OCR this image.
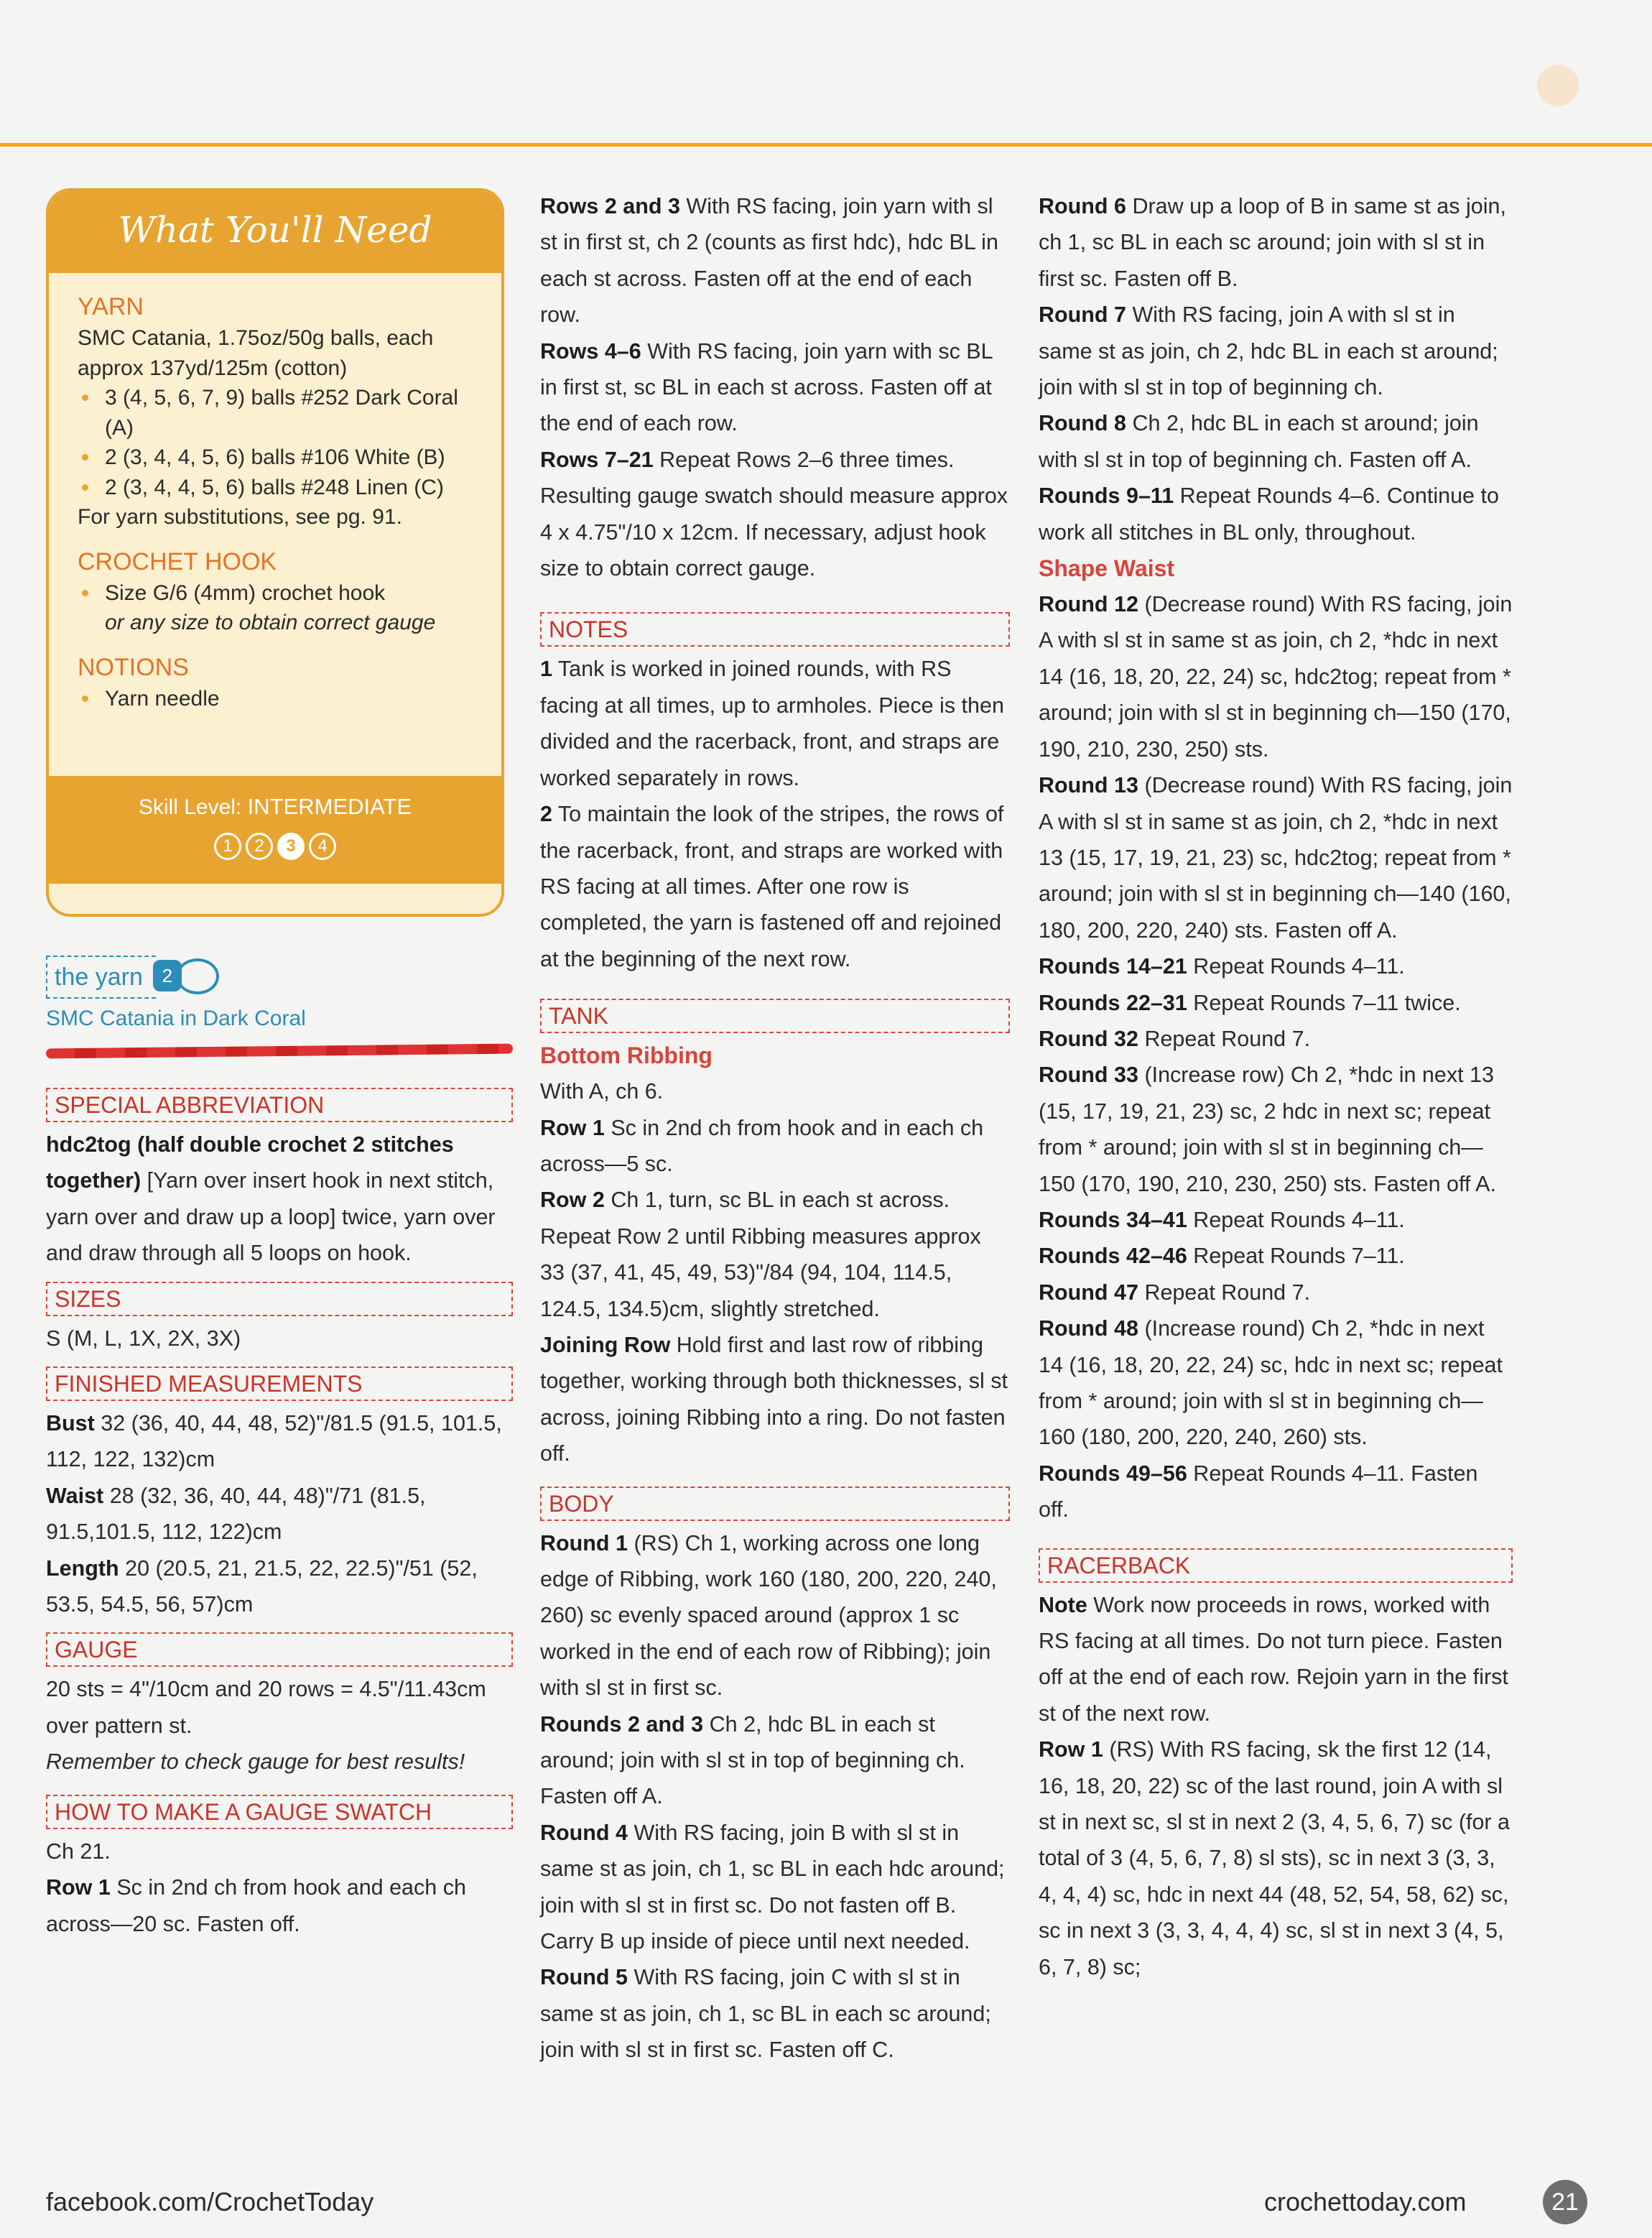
What You'll Need
YARN
SMC Catania, 1.75oz/50g balls, each approx 137yd/125m (cotton)
3 (4, 5, 6, 7, 9) balls #252 Dark Coral (A)
2 (3, 4, 4, 5, 6) balls #106 White (B)
2 (3, 4, 4, 5, 6) balls #248 Linen (C)
For yarn substitutions, see pg. 91.
CROCHET HOOK
Size G/6 (4mm) crochet hook
or any size to obtain correct gauge
NOTIONS
Yarn needle
Skill Level: INTERMEDIATE
1	2	3	4
the yarn 2
SMC Catania in Dark Coral
SPECIAL ABBREVIATION

hdc2tog (half double crochet 2 stitches together) [Yarn over insert hook in next stitch, yarn over and draw up a loop] twice, yarn over and draw through all 5 loops on hook.

SIZES

S (M, L, 1X, 2X, 3X)

FINISHED MEASUREMENTS

Bust 32 (36, 40, 44, 48, 52)"/81.5 (91.5, 101.5, 112, 122, 132)cm

Waist 28 (32, 36, 40, 44, 48)"/71 (81.5, 91.5,101.5, 112, 122)cm

Length 20 (20.5, 21, 21.5, 22, 22.5)"/51 (52, 53.5, 54.5, 56, 57)cm

GAUGE

20 sts = 4"/10cm and 20 rows = 4.5"/11.43cm over pattern st.

Remember to check gauge for best results!

HOW TO MAKE A GAUGE SWATCH

Ch 21.

Row 1 Sc in 2nd ch from hook and each ch across—20 sc. Fasten off.

Rows 2 and 3 With RS facing, join yarn with sl st in first st, ch 2 (counts as first hdc), hdc BL in each st across. Fasten off at the end of each row.

Rows 4–6 With RS facing, join yarn with sc BL in first st, sc BL in each st across. Fasten off at the end of each row.

Rows 7–21 Repeat Rows 2–6 three times. Resulting gauge swatch should measure approx 4 x 4.75"/10 x 12cm. If necessary, adjust hook size to obtain correct gauge.

NOTES

1 Tank is worked in joined rounds, with RS facing at all times, up to armholes. Piece is then divided and the racerback, front, and straps are worked separately in rows.

2 To maintain the look of the stripes, the rows of the racerback, front, and straps are worked with RS facing at all times. After one row is completed, the yarn is fastened off and rejoined at the beginning of the next row.

TANK
Bottom Ribbing

With A, ch 6.

Row 1 Sc in 2nd ch from hook and in each ch across—5 sc.

Row 2 Ch 1, turn, sc BL in each st across. Repeat Row 2 until Ribbing measures approx 33 (37, 41, 45, 49, 53)"/84 (94, 104, 114.5, 124.5, 134.5)cm, slightly stretched.

Joining Row Hold first and last row of ribbing together, working through both thicknesses, sl st across, joining Ribbing into a ring. Do not fasten off.

BODY

Round 1 (RS) Ch 1, working across one long edge of Ribbing, work 160 (180, 200, 220, 240, 260) sc evenly spaced around (approx 1 sc worked in the end of each row of Ribbing); join with sl st in first sc.

Rounds 2 and 3 Ch 2, hdc BL in each st around; join with sl st in top of beginning ch. Fasten off A.

Round 4 With RS facing, join B with sl st in same st as join, ch 1, sc BL in each hdc around; join with sl st in first sc. Do not fasten off B. Carry B up inside of piece until next needed.

Round 5 With RS facing, join C with sl st in same st as join, ch 1, sc BL in each sc around; join with sl st in first sc. Fasten off C.

Round 6 Draw up a loop of B in same st as join, ch 1, sc BL in each sc around; join with sl st in first sc. Fasten off B.

Round 7 With RS facing, join A with sl st in same st as join, ch 2, hdc BL in each st around; join with sl st in top of beginning ch.

Round 8 Ch 2, hdc BL in each st around; join with sl st in top of beginning ch. Fasten off A.

Rounds 9–11 Repeat Rounds 4–6. Continue to work all stitches in BL only, throughout.

Shape Waist

Round 12 (Decrease round) With RS facing, join A with sl st in same st as join, ch 2, *hdc in next 14 (16, 18, 20, 22, 24) sc, hdc2tog; repeat from * around; join with sl st in beginning ch—150 (170, 190, 210, 230, 250) sts.

Round 13 (Decrease round) With RS facing, join A with sl st in same st as join, ch 2, *hdc in next 13 (15, 17, 19, 21, 23) sc, hdc2tog; repeat from * around; join with sl st in beginning ch—140 (160, 180, 200, 220, 240) sts. Fasten off A.

Rounds 14–21 Repeat Rounds 4–11.

Rounds 22–31 Repeat Rounds 7–11 twice.

Round 32 Repeat Round 7.

Round 33 (Increase row) Ch 2, *hdc in next 13 (15, 17, 19, 21, 23) sc, 2 hdc in next sc; repeat from * around; join with sl st in beginning ch—150 (170, 190, 210, 230, 250) sts. Fasten off A.

Rounds 34–41 Repeat Rounds 4–11.

Rounds 42–46 Repeat Rounds 7–11.

Round 47 Repeat Round 7.

Round 48 (Increase round) Ch 2, *hdc in next 14 (16, 18, 20, 22, 24) sc, hdc in next sc; repeat from * around; join with sl st in beginning ch—160 (180, 200, 220, 240, 260) sts.

Rounds 49–56 Repeat Rounds 4–11. Fasten off.

RACERBACK

Note Work now proceeds in rows, worked with RS facing at all times. Do not turn piece. Fasten off at the end of each row. Rejoin yarn in the first st of the next row.

Row 1 (RS) With RS facing, sk the first 12 (14, 16, 18, 20, 22) sc of the last round, join A with sl st in next sc, sl st in next 2 (3, 4, 5, 6, 7) sc (for a total of 3 (4, 5, 6, 7, 8) sl sts), sc in next 3 (3, 3, 4, 4, 4) sc, hdc in next 44 (48, 52, 54, 58, 62) sc, sc in next 3 (3, 3, 4, 4, 4) sc, sl st in next 3 (4, 5, 6, 7, 8) sc;

facebook.com/CrochetToday	crochettoday.com	21
